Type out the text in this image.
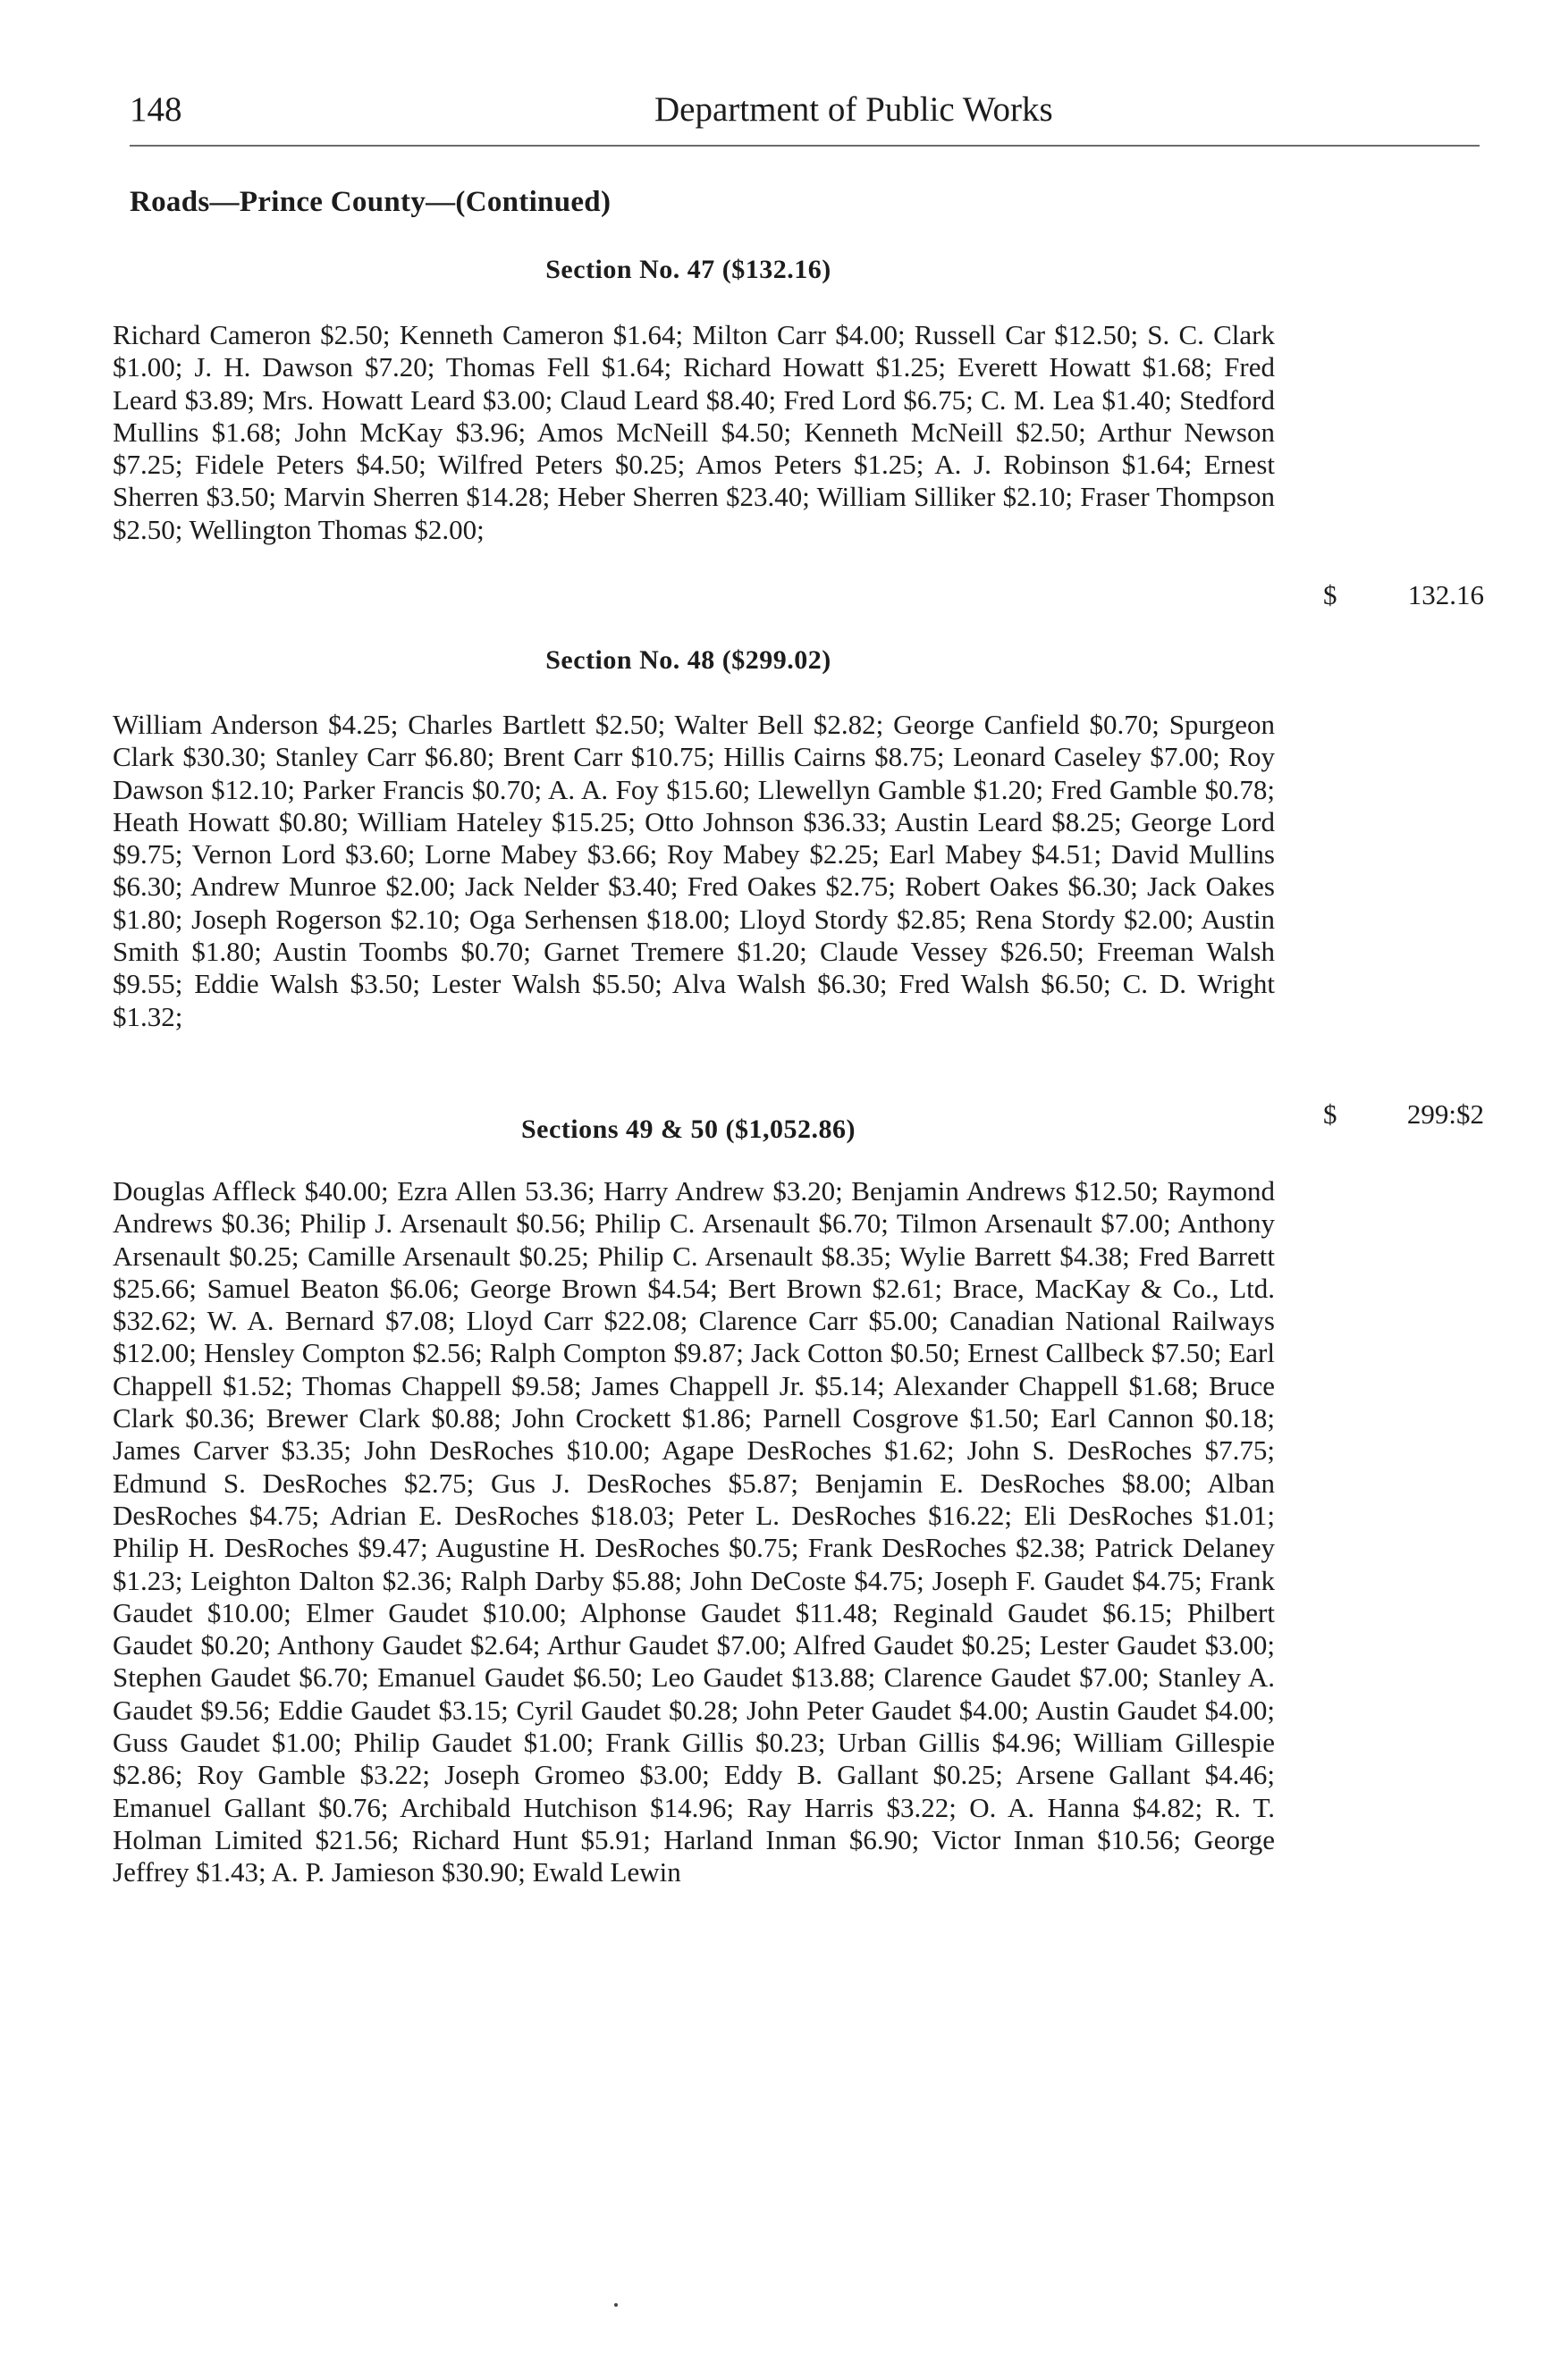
148	Department of Public Works
Roads—Prince County—(Continued)
Section No. 47 ($132.16)
Richard Cameron $2.50; Kenneth Cameron $1.64; Milton Carr $4.00; Russell Car $12.50; S. C. Clark $1.00; J. H. Dawson $7.20; Thomas Fell $1.64; Richard Howatt $1.25; Everett Howatt $1.68; Fred Leard $3.89; Mrs. Howatt Leard $3.00; Claud Leard $8.40; Fred Lord $6.75; C. M. Lea $1.40; Stedford Mullins $1.68; John McKay $3.96; Amos McNeill $4.50; Kenneth McNeill $2.50; Arthur Newson $7.25; Fidele Peters $4.50; Wilfred Peters $0.25; Amos Peters $1.25; A. J. Robinson $1.64; Ernest Sherren $3.50; Marvin Sherren $14.28; Heber Sherren $23.40; William Silliker $2.10; Fraser Thompson $2.50; Wellington Thomas $2.00;
$	132.16
Section No. 48 ($299.02)
William Anderson $4.25; Charles Bartlett $2.50; Walter Bell $2.82; George Canfield $0.70; Spurgeon Clark $30.30; Stanley Carr $6.80; Brent Carr $10.75; Hillis Cairns $8.75; Leonard Caseley $7.00; Roy Dawson $12.10; Parker Francis $0.70; A. A. Foy $15.60; Llewellyn Gamble $1.20; Fred Gamble $0.78; Heath Howatt $0.80; William Hateley $15.25; Otto Johnson $36.33; Austin Leard $8.25; George Lord $9.75; Vernon Lord $3.60; Lorne Mabey $3.66; Roy Mabey $2.25; Earl Mabey $4.51; David Mullins $6.30; Andrew Munroe $2.00; Jack Nelder $3.40; Fred Oakes $2.75; Robert Oakes $6.30; Jack Oakes $1.80; Joseph Rogerson $2.10; Oga Serhensen $18.00; Lloyd Stordy $2.85; Rena Stordy $2.00; Austin Smith $1.80; Austin Toombs $0.70; Garnet Tremere $1.20; Claude Vessey $26.50; Freeman Walsh $9.55; Eddie Walsh $3.50; Lester Walsh $5.50; Alva Walsh $6.30; Fred Walsh $6.50; C. D. Wright $1.32;
$	299:$2
Sections 49 & 50 ($1,052.86)
Douglas Affleck $40.00; Ezra Allen 53.36; Harry Andrew $3.20; Benjamin Andrews $12.50; Raymond Andrews $0.36; Philip J. Arsenault $0.56; Philip C. Arsenault $6.70; Tilmon Arsenault $7.00; Anthony Arsenault $0.25; Camille Arsenault $0.25; Philip C. Arsenault $8.35; Wylie Barrett $4.38; Fred Barrett $25.66; Samuel Beaton $6.06; George Brown $4.54; Bert Brown $2.61; Brace, MacKay & Co., Ltd. $32.62; W. A. Bernard $7.08; Lloyd Carr $22.08; Clarence Carr $5.00; Canadian National Railways $12.00; Hensley Compton $2.56; Ralph Compton $9.87; Jack Cotton $0.50; Ernest Callbeck $7.50; Earl Chappell $1.52; Thomas Chappell $9.58; James Chappell Jr. $5.14; Alexander Chappell $1.68; Bruce Clark $0.36; Brewer Clark $0.88; John Crockett $1.86; Parnell Cosgrove $1.50; Earl Cannon $0.18; James Carver $3.35; John DesRoches $10.00; Agape DesRoches $1.62; John S. DesRoches $7.75; Edmund S. DesRoches $2.75; Gus J. DesRoches $5.87; Benjamin E. DesRoches $8.00; Alban DesRoches $4.75; Adrian E. DesRoches $18.03; Peter L. DesRoches $16.22; Eli DesRoches $1.01; Philip H. DesRoches $9.47; Augustine H. DesRoches $0.75; Frank DesRoches $2.38; Patrick Delaney $1.23; Leighton Dalton $2.36; Ralph Darby $5.88; John DeCoste $4.75; Joseph F. Gaudet $4.75; Frank Gaudet $10.00; Elmer Gaudet $10.00; Alphonse Gaudet $11.48; Reginald Gaudet $6.15; Philbert Gaudet $0.20; Anthony Gaudet $2.64; Arthur Gaudet $7.00; Alfred Gaudet $0.25; Lester Gaudet $3.00; Stephen Gaudet $6.70; Emanuel Gaudet $6.50; Leo Gaudet $13.88; Clarence Gaudet $7.00; Stanley A. Gaudet $9.56; Eddie Gaudet $3.15; Cyril Gaudet $0.28; John Peter Gaudet $4.00; Austin Gaudet $4.00; Guss Gaudet $1.00; Philip Gaudet $1.00; Frank Gillis $0.23; Urban Gillis $4.96; William Gillespie $2.86; Roy Gamble $3.22; Joseph Gromeo $3.00; Eddy B. Gallant $0.25; Arsene Gallant $4.46; Emanuel Gallant $0.76; Archibald Hutchison $14.96; Ray Harris $3.22; O. A. Hanna $4.82; R. T. Holman Limited $21.56; Richard Hunt $5.91; Harland Inman $6.90; Victor Inman $10.56; George Jeffrey $1.43; A. P. Jamieson $30.90; Ewald Lewin
